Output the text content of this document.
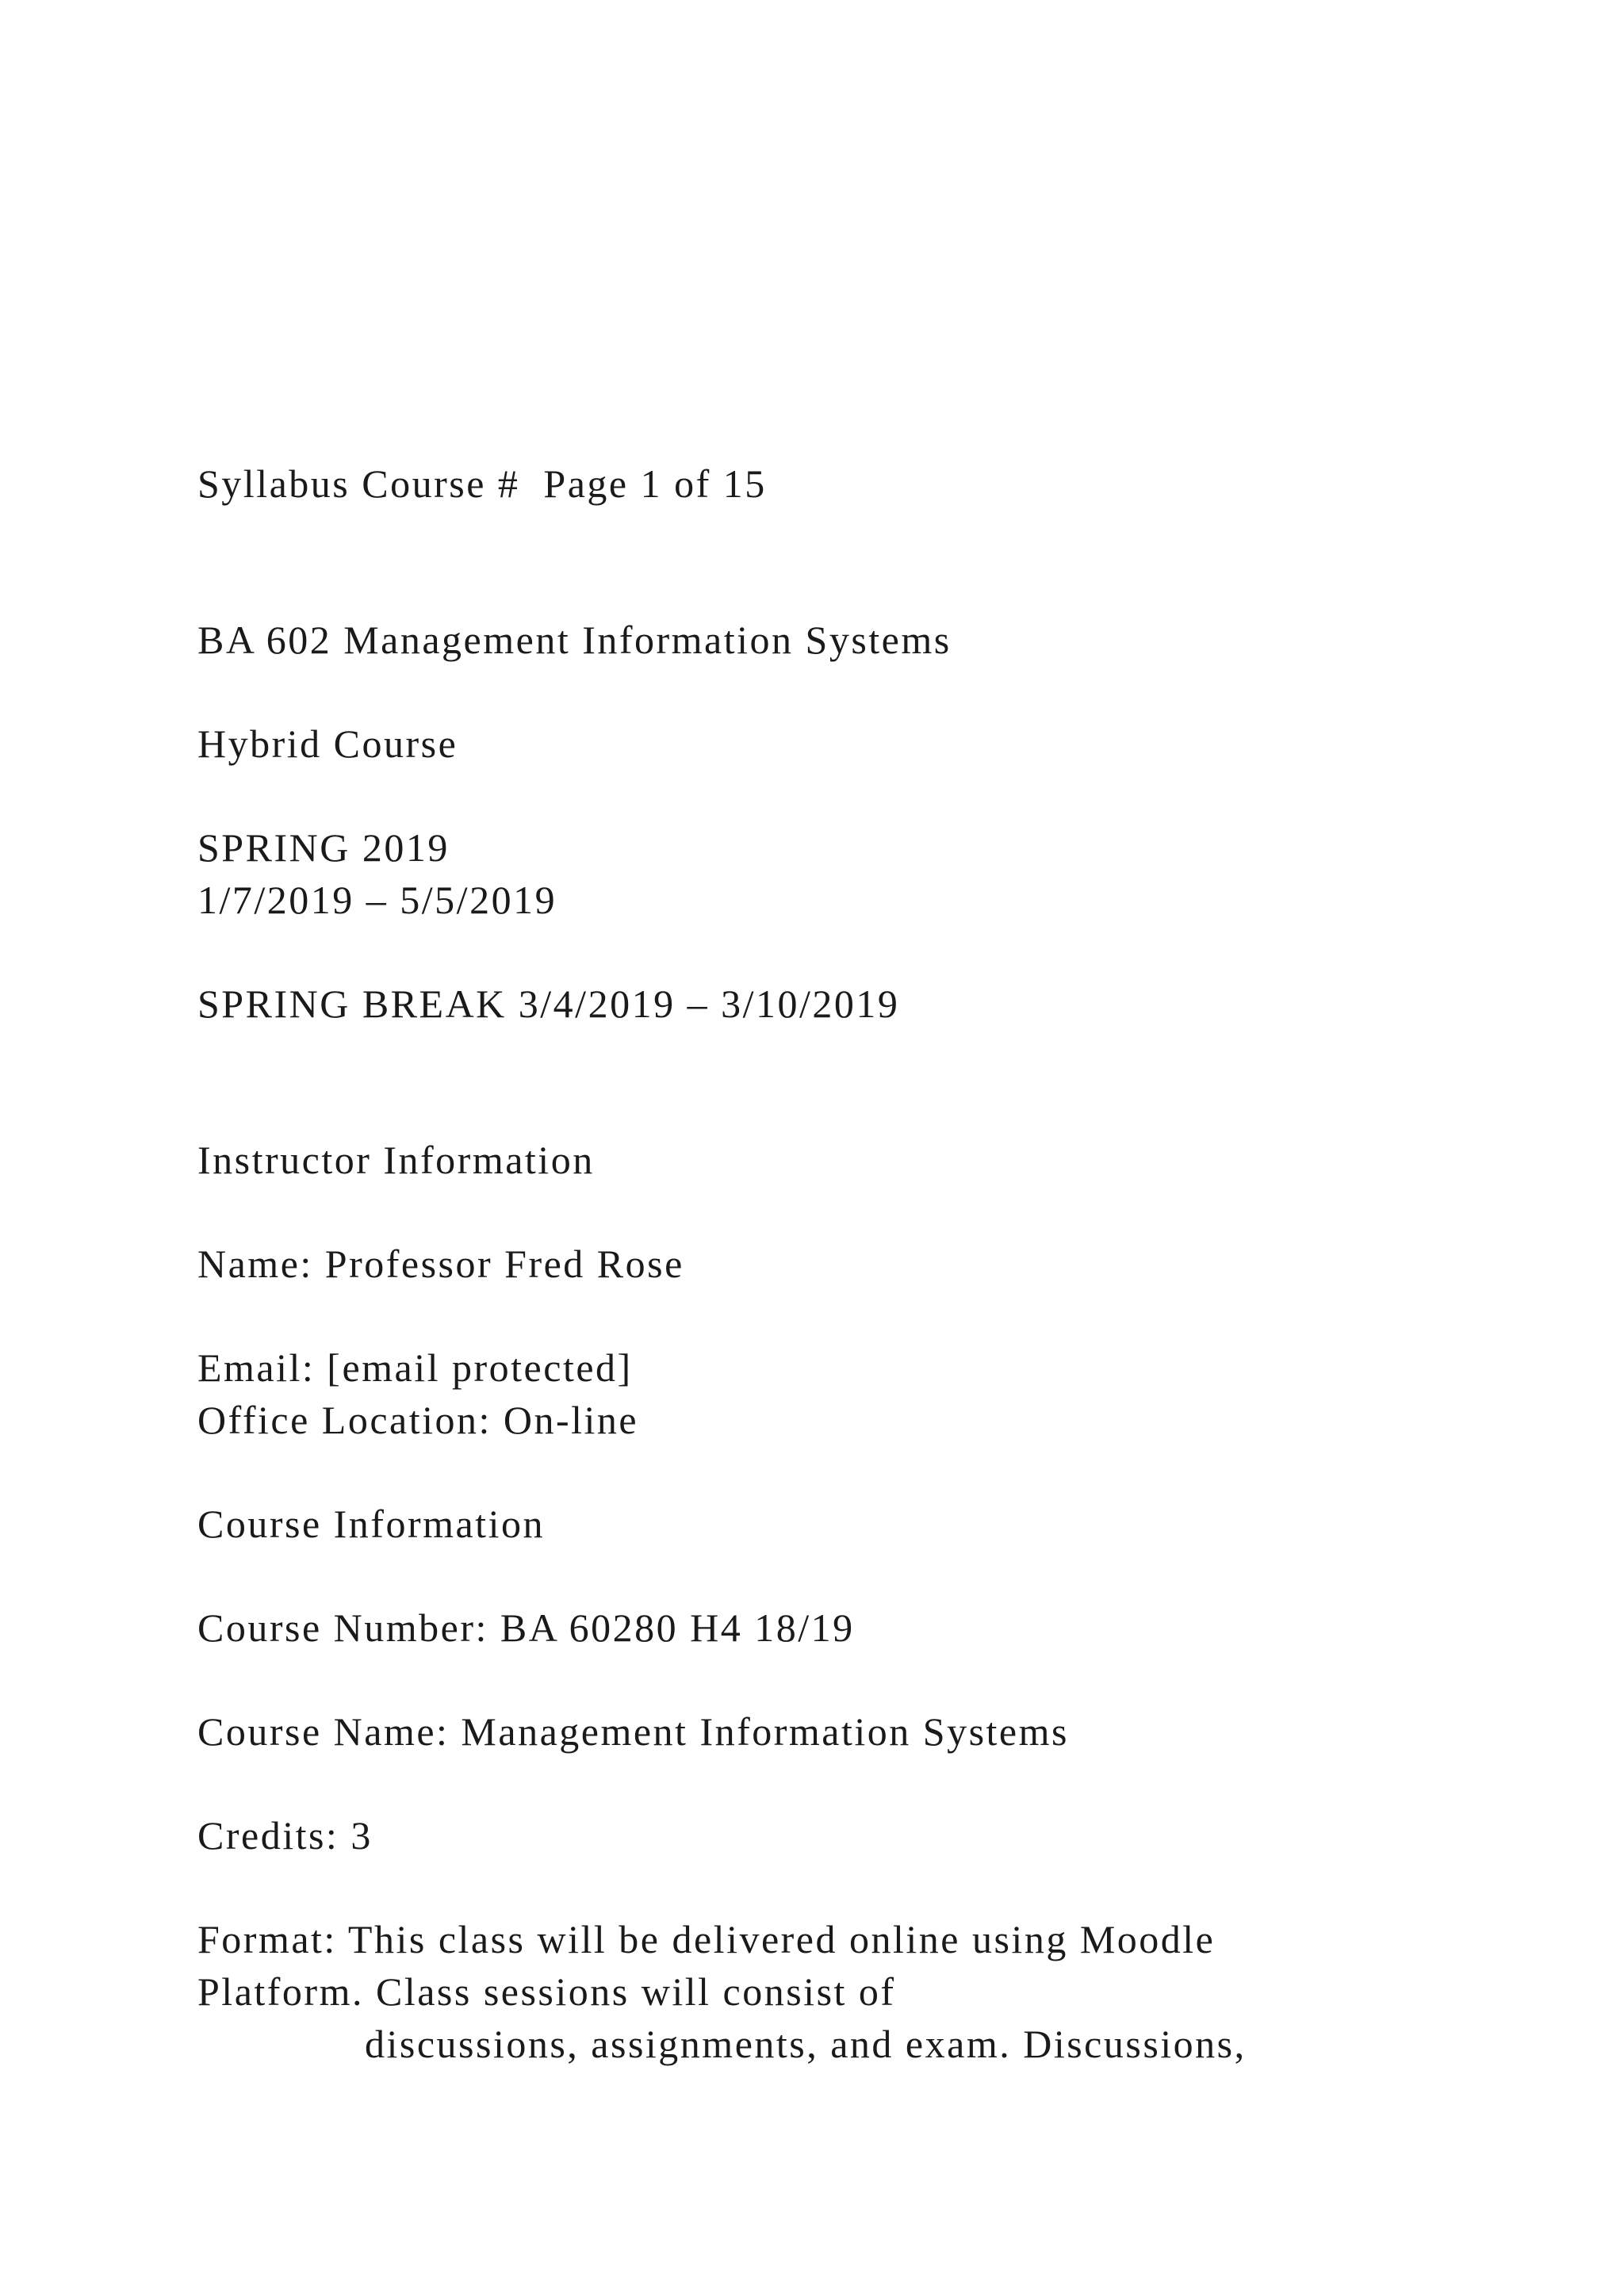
Syllabus Course #  Page 1 of 15
BA 602 Management Information Systems
Hybrid Course
SPRING 2019
1/7/2019 – 5/5/2019
SPRING BREAK 3/4/2019 – 3/10/2019
Instructor Information
Name: Professor Fred Rose
Email: [email protected]
Office Location: On-line
Course Information
Course Number: BA 60280 H4 18/19
Course Name: Management Information Systems
Credits: 3
Format: This class will be delivered online using Moodle
Platform. Class sessions will consist of
discussions, assignments, and exam. Discussions,
